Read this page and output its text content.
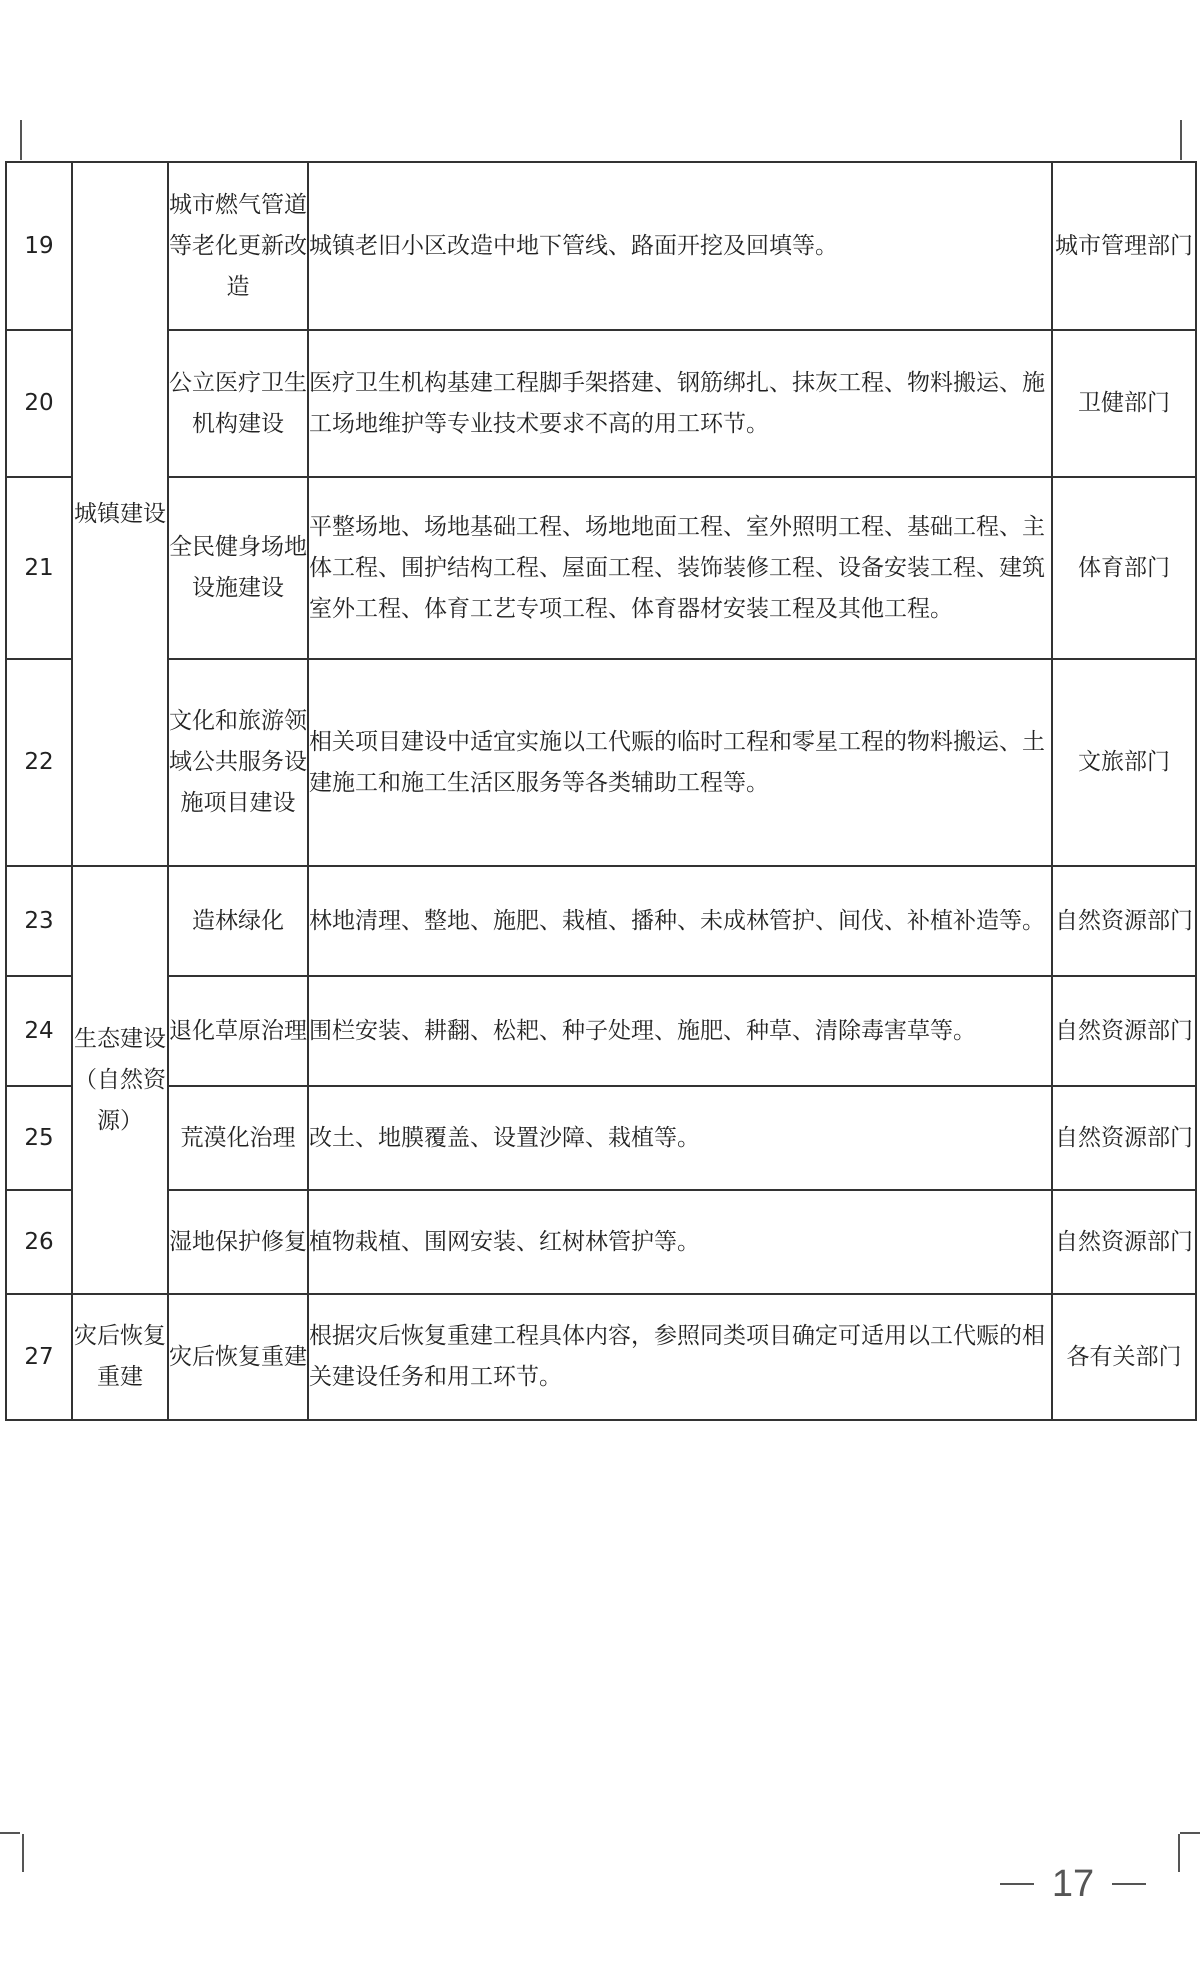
19	城镇建设	城市燃气管道等老化更新改造	城镇老旧小区改造中地下管线、路面开挖及回填等。	城市管理部门
20		公立医疗卫生机构建设	医疗卫生机构基建工程脚手架搭建、钢筋绑扎、抹灰工程、物料搬运、施工场地维护等专业技术要求不高的用工环节。	卫健部门
21		全民健身场地设施建设	平整场地、场地基础工程、场地地面工程、室外照明工程、基础工程、主体工程、围护结构工程、屋面工程、装饰装修工程、设备安装工程、建筑室外工程、体育工艺专项工程、体育器材安装工程及其他工程。	体育部门
22		文化和旅游领域公共服务设施项目建设	相关项目建设中适宜实施以工代赈的临时工程和零星工程的物料搬运、土建施工和施工生活区服务等各类辅助工程等。	文旅部门
23	生态建设（自然资源）	造林绿化	林地清理、整地、施肥、栽植、播种、未成林管护、间伐、补植补造等。	自然资源部门
24		退化草原治理	围栏安装、耕翻、松耙、种子处理、施肥、种草、清除毒害草等。	自然资源部门
25		荒漠化治理	改土、地膜覆盖、设置沙障、栽植等。	自然资源部门
26		湿地保护修复	植物栽植、围网安装、红树林管护等。	自然资源部门
27	灾后恢复重建	灾后恢复重建	根据灾后恢复重建工程具体内容，参照同类项目确定可适用以工代赈的相关建设任务和用工环节。	各有关部门
17
